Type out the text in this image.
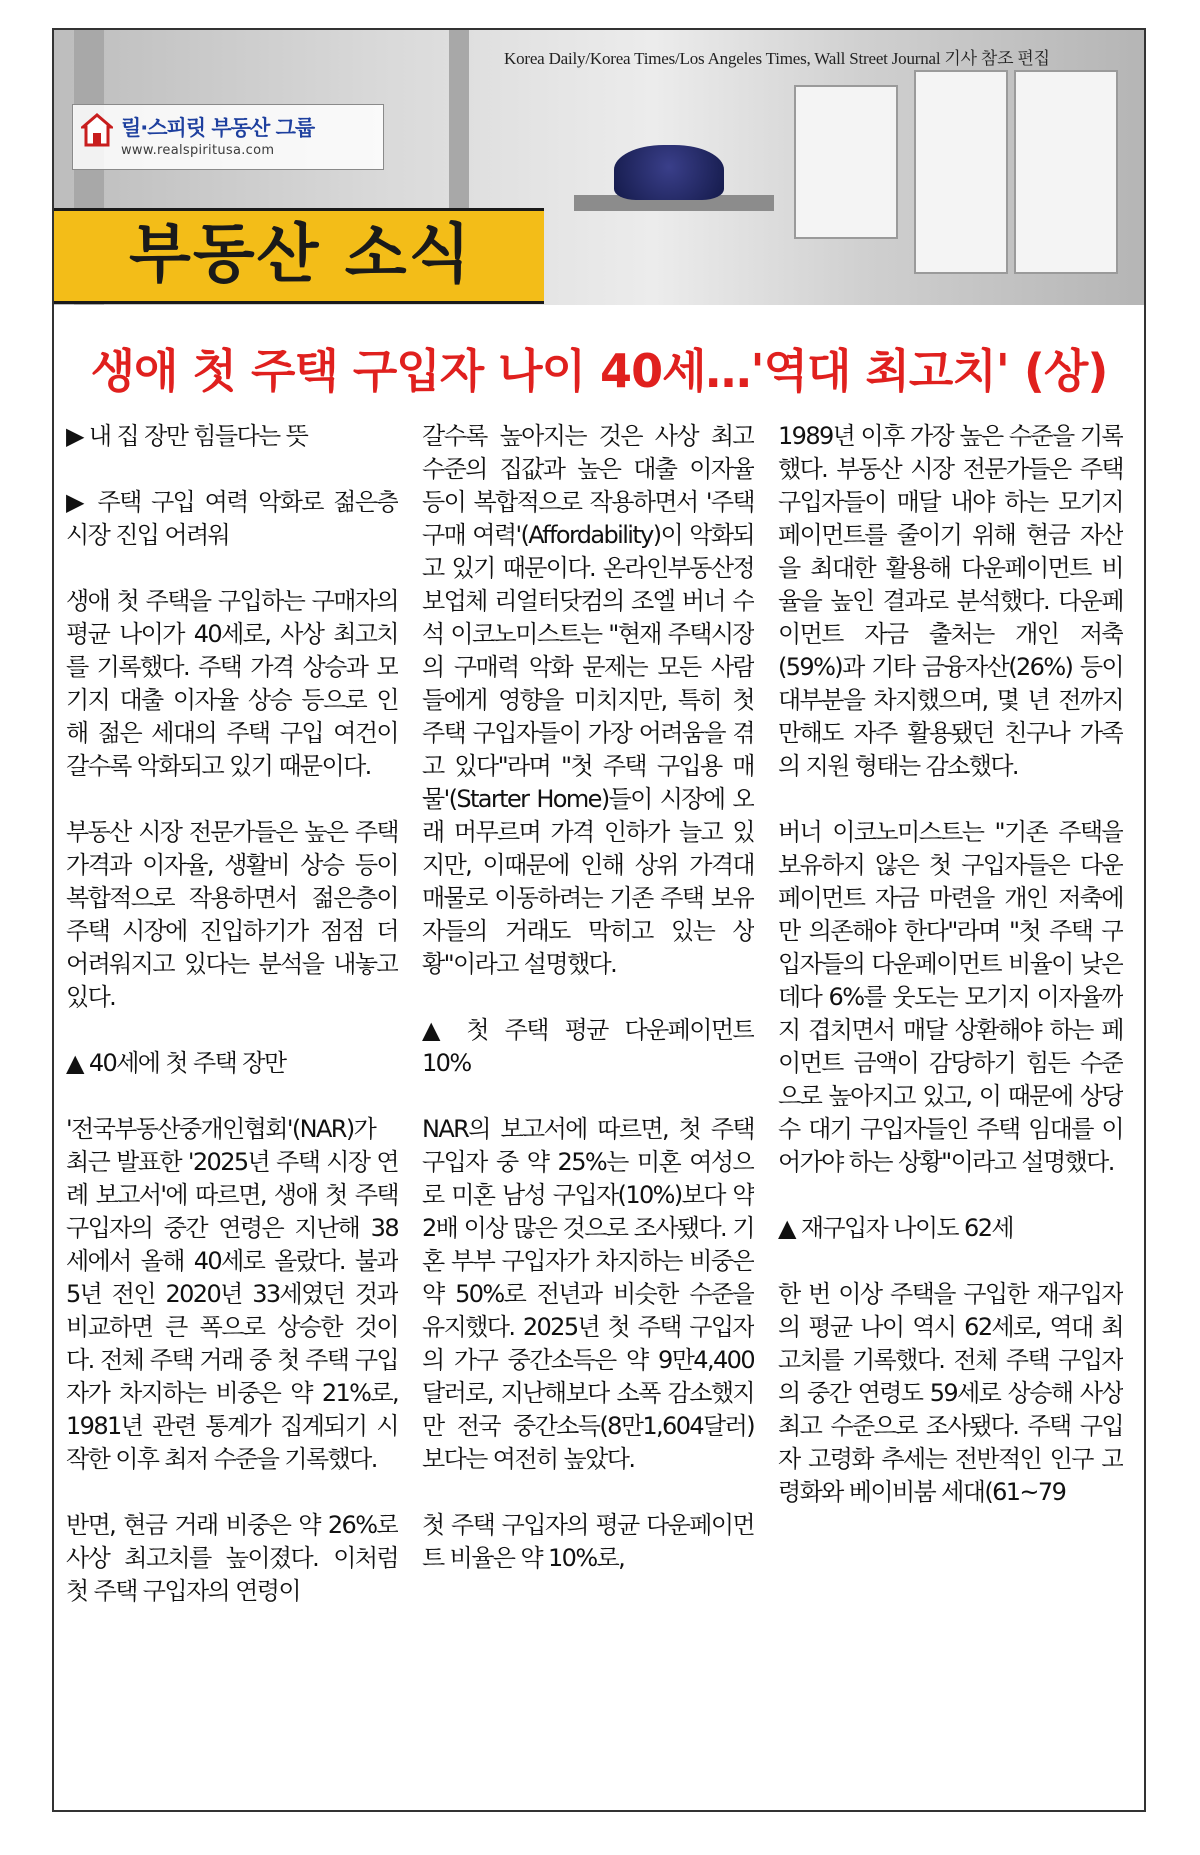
Korea Daily/Korea Times/Los Angeles Times, Wall Street Journal 기사 참조 편집
릴·스피릿 부동산 그룹
www.realspiritusa.com
부동산 소식
생애 첫 주택 구입자 나이 40세…'역대 최고치' (상)

▶ 내 집 장만 힘들다는 뜻

▶ 주택 구입 여력 악화로 젊은층 시장 진입 어려워

생애 첫 주택을 구입하는 구매자의 평균 나이가 40세로, 사상 최고치를 기록했다. 주택 가격 상승과 모기지 대출 이자율 상승 등으로 인해 젊은 세대의 주택 구입 여건이 갈수록 악화되고 있기 때문이다.

부동산 시장 전문가들은 높은 주택 가격과 이자율, 생활비 상승 등이 복합적으로 작용하면서 젊은층이 주택 시장에 진입하기가 점점 더 어려워지고 있다는 분석을 내놓고 있다.

▲ 40세에 첫 주택 장만

'전국부동산중개인협회'(NAR)가 최근 발표한 '2025년 주택 시장 연례 보고서'에 따르면, 생애 첫 주택 구입자의 중간 연령은 지난해 38세에서 올해 40세로 올랐다. 불과 5년 전인 2020년 33세였던 것과 비교하면 큰 폭으로 상승한 것이다. 전체 주택 거래 중 첫 주택 구입자가 차지하는 비중은 약 21%로, 1981년 관련 통계가 집계되기 시작한 이후 최저 수준을 기록했다.

반면, 현금 거래 비중은 약 26%로 사상 최고치를 높이졌다. 이처럼 첫 주택 구입자의 연령이

갈수록 높아지는 것은 사상 최고 수준의 집값과 높은 대출 이자율 등이 복합적으로 작용하면서 '주택 구매 여력'(Affordability)이 악화되고 있기 때문이다. 온라인부동산정보업체 리얼터닷컴의 조엘 버너 수석 이코노미스트는 "현재 주택시장의 구매력 악화 문제는 모든 사람들에게 영향을 미치지만, 특히 첫 주택 구입자들이 가장 어려움을 겪고 있다"라며 "첫 주택 구입용 매물'(Starter Home)들이 시장에 오래 머무르며 가격 인하가 늘고 있지만, 이때문에 인해 상위 가격대 매물로 이동하려는 기존 주택 보유자들의 거래도 막히고 있는 상황"이라고 설명했다.

▲ 첫 주택 평균 다운페이먼트 10%

NAR의 보고서에 따르면, 첫 주택 구입자 중 약 25%는 미혼 여성으로 미혼 남성 구입자(10%)보다 약 2배 이상 많은 것으로 조사됐다. 기혼 부부 구입자가 차지하는 비중은 약 50%로 전년과 비슷한 수준을 유지했다. 2025년 첫 주택 구입자의 가구 중간소득은 약 9만4,400달러로, 지난해보다 소폭 감소했지만 전국 중간소득(8만1,604달러) 보다는 여전히 높았다.

첫 주택 구입자의 평균 다운페이먼트 비율은 약 10%로,

1989년 이후 가장 높은 수준을 기록했다. 부동산 시장 전문가들은 주택 구입자들이 매달 내야 하는 모기지 페이먼트를 줄이기 위해 현금 자산을 최대한 활용해 다운페이먼트 비율을 높인 결과로 분석했다. 다운페이먼트 자금 출처는 개인 저축(59%)과 기타 금융자산(26%) 등이 대부분을 차지했으며, 몇 년 전까지 만해도 자주 활용됐던 친구나 가족의 지원 형태는 감소했다.

버너 이코노미스트는 "기존 주택을 보유하지 않은 첫 구입자들은 다운페이먼트 자금 마련을 개인 저축에만 의존해야 한다"라며 "첫 주택 구입자들의 다운페이먼트 비율이 낮은데다 6%를 웃도는 모기지 이자율까지 겹치면서 매달 상환해야 하는 페이먼트 금액이 감당하기 힘든 수준으로 높아지고 있고, 이 때문에 상당수 대기 구입자들인 주택 임대를 이어가야 하는 상황"이라고 설명했다.

▲ 재구입자 나이도 62세

한 번 이상 주택을 구입한 재구입자의 평균 나이 역시 62세로, 역대 최고치를 기록했다. 전체 주택 구입자의 중간 연령도 59세로 상승해 사상 최고 수준으로 조사됐다. 주택 구입자 고령화 추세는 전반적인 인구 고령화와 베이비붐 세대(61~79
